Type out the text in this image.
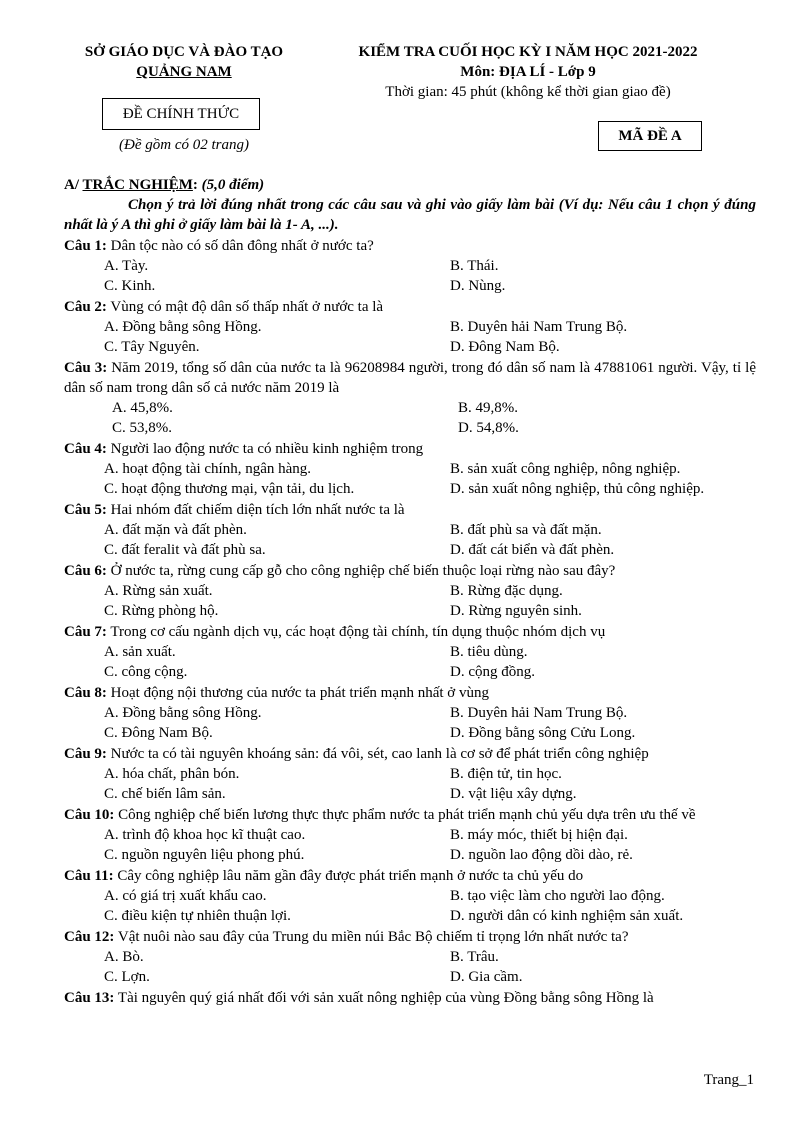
SỞ GIÁO DỤC VÀ ĐÀO TẠO
QUẢNG NAM
ĐỀ CHÍNH THỨC
(Đề gồm có 02 trang)
KIỂM TRA CUỐI HỌC KỲ I NĂM HỌC 2021-2022
Môn: ĐỊA LÍ - Lớp 9
Thời gian: 45 phút (không kể thời gian giao đề)
MÃ ĐỀ A
A/ TRẮC NGHIỆM: (5,0 điểm)
Chọn ý trả lời đúng nhất trong các câu sau và ghi vào giấy làm bài (Ví dụ: Nếu câu 1 chọn ý đúng nhất là ý A thì ghi ở giấy làm bài là 1- A, ...).
Câu 1: Dân tộc nào có số dân đông nhất ở nước ta?
A. Tày.	B. Thái.
C. Kinh.	D. Nùng.
Câu 2: Vùng có mật độ dân số thấp nhất ở nước ta là
A. Đồng bằng sông Hồng.	B. Duyên hải Nam Trung Bộ.
C. Tây Nguyên.	D. Đông Nam Bộ.
Câu 3: Năm 2019, tổng số dân của nước ta là 96208984 người, trong đó dân số nam là 47881061 người. Vậy, tỉ lệ dân số nam trong dân số cả nước năm 2019 là
A. 45,8%.	B. 49,8%.
C. 53,8%.	D. 54,8%.
Câu 4: Người lao động nước ta có nhiều kinh nghiệm trong
A. hoạt động tài chính, ngân hàng.	B. sản xuất công nghiệp, nông nghiệp.
C. hoạt động thương mại, vận tải, du lịch.	D. sản xuất nông nghiệp, thủ công nghiệp.
Câu 5: Hai nhóm đất chiếm diện tích lớn nhất nước ta là
A. đất mặn và đất phèn.	B. đất phù sa và đất mặn.
C. đất feralit và đất phù sa.	D. đất cát biển và đất phèn.
Câu 6: Ở nước ta, rừng cung cấp gỗ cho công nghiệp chế biến thuộc loại rừng nào sau đây?
A. Rừng sản xuất.	B. Rừng đặc dụng.
C. Rừng phòng hộ.	D. Rừng nguyên sinh.
Câu 7: Trong cơ cấu ngành dịch vụ, các hoạt động tài chính, tín dụng thuộc nhóm dịch vụ
A. sản xuất.	B. tiêu dùng.
C. công cộng.	D. cộng đồng.
Câu 8: Hoạt động nội thương của nước ta phát triển mạnh nhất ở vùng
A. Đồng bằng sông Hồng.	B. Duyên hải Nam Trung Bộ.
C. Đông Nam Bộ.	D. Đồng bằng sông Cửu Long.
Câu 9: Nước ta có tài nguyên khoáng sản: đá vôi, sét, cao lanh là cơ sở để phát triển công nghiệp
A. hóa chất, phân bón.	B. điện tử, tin học.
C. chế biến lâm sản.	D. vật liệu xây dựng.
Câu 10: Công nghiệp chế biến lương thực thực phẩm nước ta phát triển mạnh chủ yếu dựa trên ưu thế về
A. trình độ khoa học kĩ thuật cao.	B. máy móc, thiết bị hiện đại.
C. nguồn nguyên liệu phong phú.	D. nguồn lao động dồi dào, rẻ.
Câu 11: Cây công nghiệp lâu năm gần đây được phát triển mạnh ở nước ta chủ yếu do
A. có giá trị xuất khẩu cao.	B. tạo việc làm cho người lao động.
C. điều kiện tự nhiên thuận lợi.	D. người dân có kinh nghiệm sản xuất.
Câu 12: Vật nuôi nào sau đây của Trung du miền núi Bắc Bộ chiếm tỉ trọng lớn nhất nước ta?
A. Bò.	B. Trâu.
C. Lợn.	D. Gia cầm.
Câu 13: Tài nguyên quý giá nhất đối với sản xuất nông nghiệp của vùng Đồng bằng sông Hồng là
Trang_1
